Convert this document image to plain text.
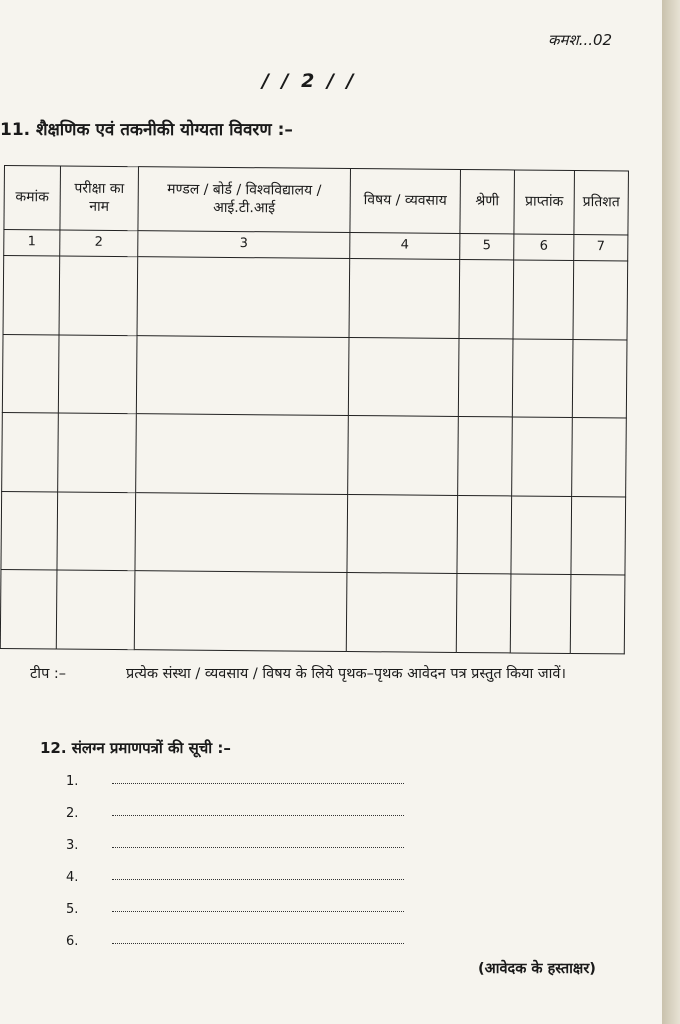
कमश...02
/ / 2 / /
11. शैक्षणिक एवं तकनीकी योग्यता विवरण :–
कमांक	परीक्षा का नाम	मण्डल / बोर्ड / विश्वविद्यालय / आई.टी.आई	विषय / व्यवसाय	श्रेणी	प्राप्तांक	प्रतिशत
1	2	3	4	5	6	7

टीप :–	प्रत्येक संस्था / व्यवसाय / विषय के लिये पृथक–पृथक आवेदन पत्र प्रस्तुत किया जावें।
12. संलग्न प्रमाणपत्रों की सूची :–
1.
2.
3.
4.
5.
6.
(आवेदक के हस्ताक्षर)
